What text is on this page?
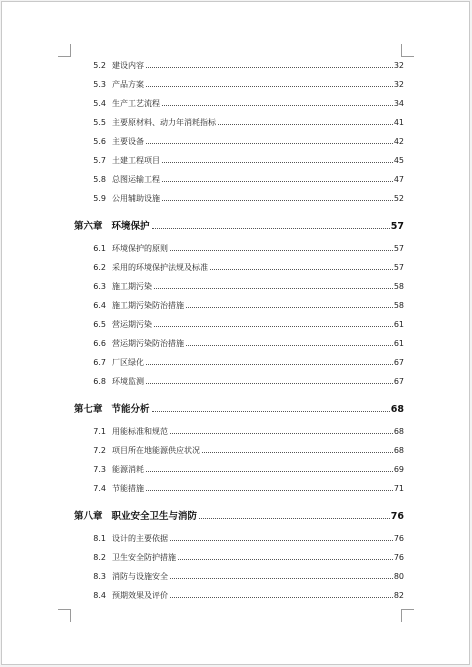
5.2 建设内容	32
5.3 产品方案	32
5.4 生产工艺流程	34
5.5 主要原材料、动力年消耗指标	41
5.6 主要设备	42
5.7 土建工程项目	45
5.8 总图运输工程	47
5.9 公用辅助设施	52
第六章 环境保护	57
6.1 环境保护的原则	57
6.2 采用的环境保护法规及标准	57
6.3 施工期污染	58
6.4 施工期污染防治措施	58
6.5 营运期污染	61
6.6 营运期污染防治措施	61
6.7 厂区绿化	67
6.8 环境监测	67
第七章 节能分析	68
7.1 用能标准和规范	68
7.2 项目所在地能源供应状况	68
7.3 能源消耗	69
7.4 节能措施	71
第八章 职业安全卫生与消防	76
8.1 设计的主要依据	76
8.2 卫生安全防护措施	76
8.3 消防与设施安全	80
8.4 预期效果及评价	82
